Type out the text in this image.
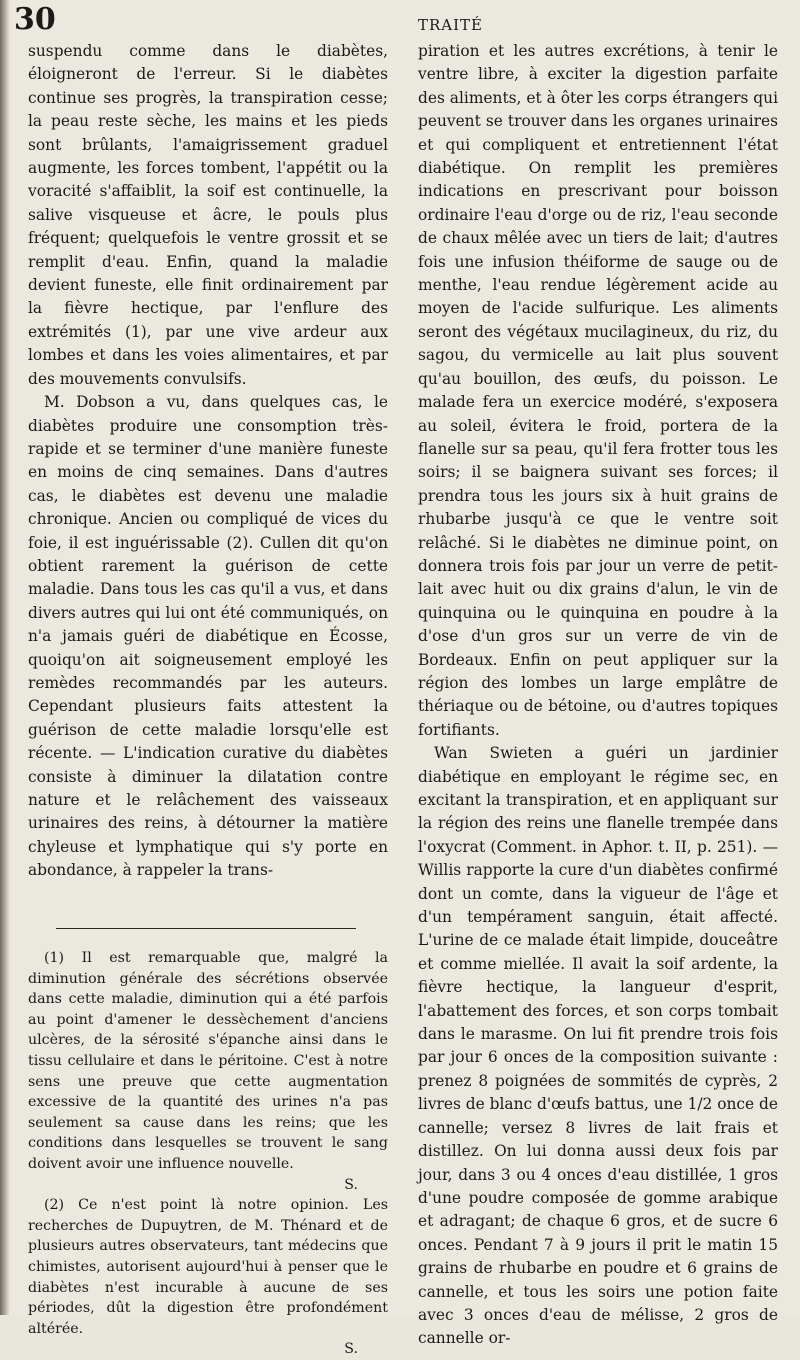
30	TRAITÉ

suspendu comme dans le diabètes, éloigneront de l'erreur. Si le diabètes continue ses progrès, la transpiration cesse; la peau reste sèche, les mains et les pieds sont brûlants, l'amaigrissement graduel augmente, les forces tombent, l'appétit ou la voracité s'affaiblit, la soif est continuelle, la salive visqueuse et âcre, le pouls plus fréquent; quelquefois le ventre grossit et se remplit d'eau. Enfin, quand la maladie devient funeste, elle finit ordinairement par la fièvre hectique, par l'enflure des extrémités (1), par une vive ardeur aux lombes et dans les voies alimentaires, et par des mouvements convulsifs.

M. Dobson a vu, dans quelques cas, le diabètes produire une consomption très-rapide et se terminer d'une manière funeste en moins de cinq semaines. Dans d'autres cas, le diabètes est devenu une maladie chronique. Ancien ou compliqué de vices du foie, il est inguérissable (2). Cullen dit qu'on obtient rarement la guérison de cette maladie. Dans tous les cas qu'il a vus, et dans divers autres qui lui ont été communiqués, on n'a jamais guéri de diabétique en Écosse, quoiqu'on ait soigneusement employé les remèdes recommandés par les auteurs. Cependant plusieurs faits attestent la guérison de cette maladie lorsqu'elle est récente. — L'indication curative du diabètes consiste à diminuer la dilatation contre nature et le relâchement des vaisseaux urinaires des reins, à détourner la matière chyleuse et lymphatique qui s'y porte en abondance, à rappeler la trans-

(1) Il est remarquable que, malgré la diminution générale des sécrétions observée dans cette maladie, diminution qui a été parfois au point d'amener le dessèchement d'anciens ulcères, de la sérosité s'épanche ainsi dans le tissu cellulaire et dans le péritoine. C'est à notre sens une preuve que cette augmentation excessive de la quantité des urines n'a pas seulement sa cause dans les reins; que les conditions dans lesquelles se trouvent le sang doivent avoir une influence nouvelle.
S.

(2) Ce n'est point là notre opinion. Les recherches de Dupuytren, de M. Thénard et de plusieurs autres observateurs, tant médecins que chimistes, autorisent aujourd'hui à penser que le diabètes n'est incurable à aucune de ses périodes, dût la digestion être profondément altérée.
S.

piration et les autres excrétions, à tenir le ventre libre, à exciter la digestion parfaite des aliments, et à ôter les corps étrangers qui peuvent se trouver dans les organes urinaires et qui compliquent et entretiennent l'état diabétique. On remplit les premières indications en prescrivant pour boisson ordinaire l'eau d'orge ou de riz, l'eau seconde de chaux mêlée avec un tiers de lait; d'autres fois une infusion théiforme de sauge ou de menthe, l'eau rendue légèrement acide au moyen de l'acide sulfurique. Les aliments seront des végétaux mucilagineux, du riz, du sagou, du vermicelle au lait plus souvent qu'au bouillon, des œufs, du poisson. Le malade fera un exercice modéré, s'exposera au soleil, évitera le froid, portera de la flanelle sur sa peau, qu'il fera frotter tous les soirs; il se baignera suivant ses forces; il prendra tous les jours six à huit grains de rhubarbe jusqu'à ce que le ventre soit relâché. Si le diabètes ne diminue point, on donnera trois fois par jour un verre de petit-lait avec huit ou dix grains d'alun, le vin de quinquina ou le quinquina en poudre à la d'ose d'un gros sur un verre de vin de Bordeaux. Enfin on peut appliquer sur la région des lombes un large emplâtre de thériaque ou de bétoine, ou d'autres topiques fortifiants.

Wan Swieten a guéri un jardinier diabétique en employant le régime sec, en excitant la transpiration, et en appliquant sur la région des reins une flanelle trempée dans l'oxycrat (Comment. in Aphor. t. II, p. 251). — Willis rapporte la cure d'un diabètes confirmé dont un comte, dans la vigueur de l'âge et d'un tempérament sanguin, était affecté. L'urine de ce malade était limpide, douceâtre et comme miellée. Il avait la soif ardente, la fièvre hectique, la langueur d'esprit, l'abattement des forces, et son corps tombait dans le marasme. On lui fit prendre trois fois par jour 6 onces de la composition suivante : prenez 8 poignées de sommités de cyprès, 2 livres de blanc d'œufs battus, une 1/2 once de cannelle; versez 8 livres de lait frais et distillez. On lui donna aussi deux fois par jour, dans 3 ou 4 onces d'eau distillée, 1 gros d'une poudre composée de gomme arabique et adragant; de chaque 6 gros, et de sucre 6 onces. Pendant 7 à 9 jours il prit le matin 15 grains de rhubarbe en poudre et 6 grains de cannelle, et tous les soirs une potion faite avec 3 onces d'eau de mélisse, 2 gros de cannelle or-
